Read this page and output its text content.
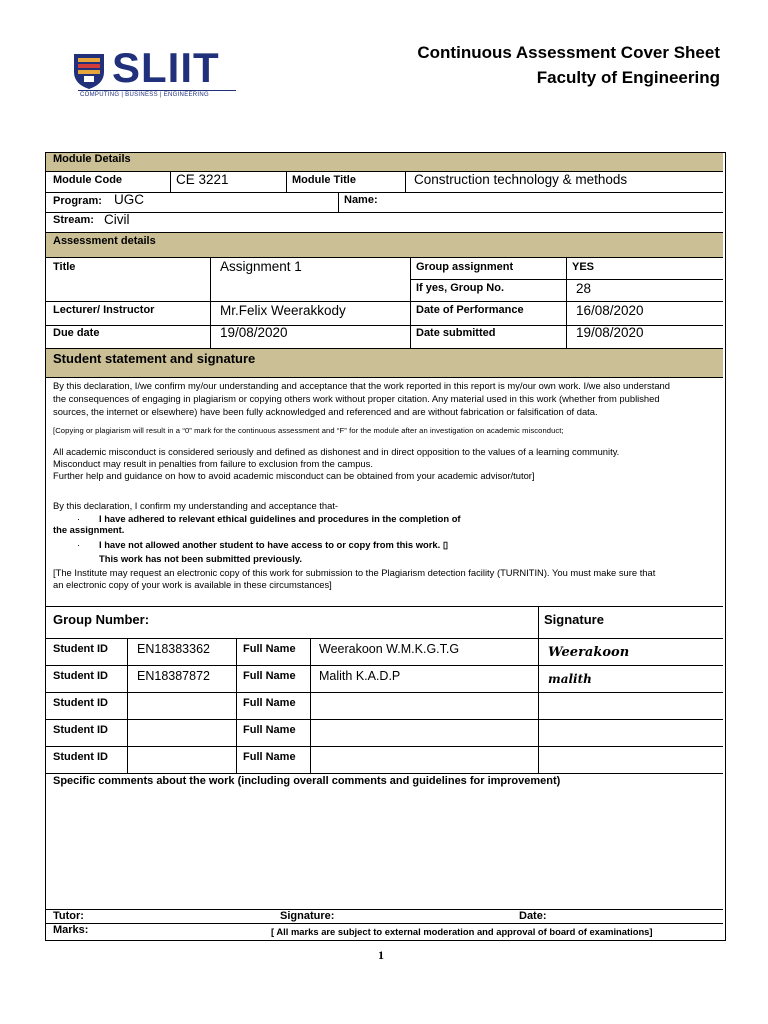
SLIIT
COMPUTING | BUSINESS | ENGINEERING
Continuous Assessment Cover Sheet
Faculty of Engineering
Module Details
Module Code	CE 3221	Module Title	Construction technology & methods
Program: UGC	Name:
Stream: Civil
Assessment details
Title	Assignment 1	Group assignment	YES
If yes, Group No.	28
Lecturer/ Instructor	Mr.Felix Weerakkody	Date of Performance	16/08/2020
Due date	19/08/2020	Date submitted	19/08/2020
Student statement and signature
By this declaration, I/we confirm my/our understanding and acceptance that the work reported in this report is my/our own work. I/we also understand
the consequences of engaging in plagiarism or copying others work without proper citation. Any material used in this work (whether from published
sources, the internet or elsewhere) have been fully acknowledged and referenced and are without fabrication or falsification of data.
[Copying or plagiarism will result in a “0” mark for the continuous assessment and “F” for the module after an investigation on academic misconduct;
All academic misconduct is considered seriously and defined as dishonest and in direct opposition to the values of a learning community.
Misconduct may result in penalties from failure to exclusion from the campus.
Further help and guidance on how to avoid academic misconduct can be obtained from your academic advisor/tutor]
By this declaration, I confirm my understanding and acceptance that-
· I have adhered to relevant ethical guidelines and procedures in the completion of
the assignment.
· I have not allowed another student to have access to or copy from this work. ▯
This work has not been submitted previously.
[The Institute may request an electronic copy of this work for submission to the Plagiarism detection facility (TURNITIN). You must make sure that
an electronic copy of your work is available in these circumstances]
Group Number:	Signature
Student ID EN18383362	Full Name Weerakoon W.M.K.G.T.G	Weerakoon
Student ID EN18387872	Full Name Malith K.A.D.P	malith
Student ID	Full Name
Student ID	Full Name
Student ID	Full Name
Specific comments about the work (including overall comments and guidelines for improvement)
Tutor:	Signature:	Date:
Marks:	[ All marks are subject to external moderation and approval of board of examinations]
1
